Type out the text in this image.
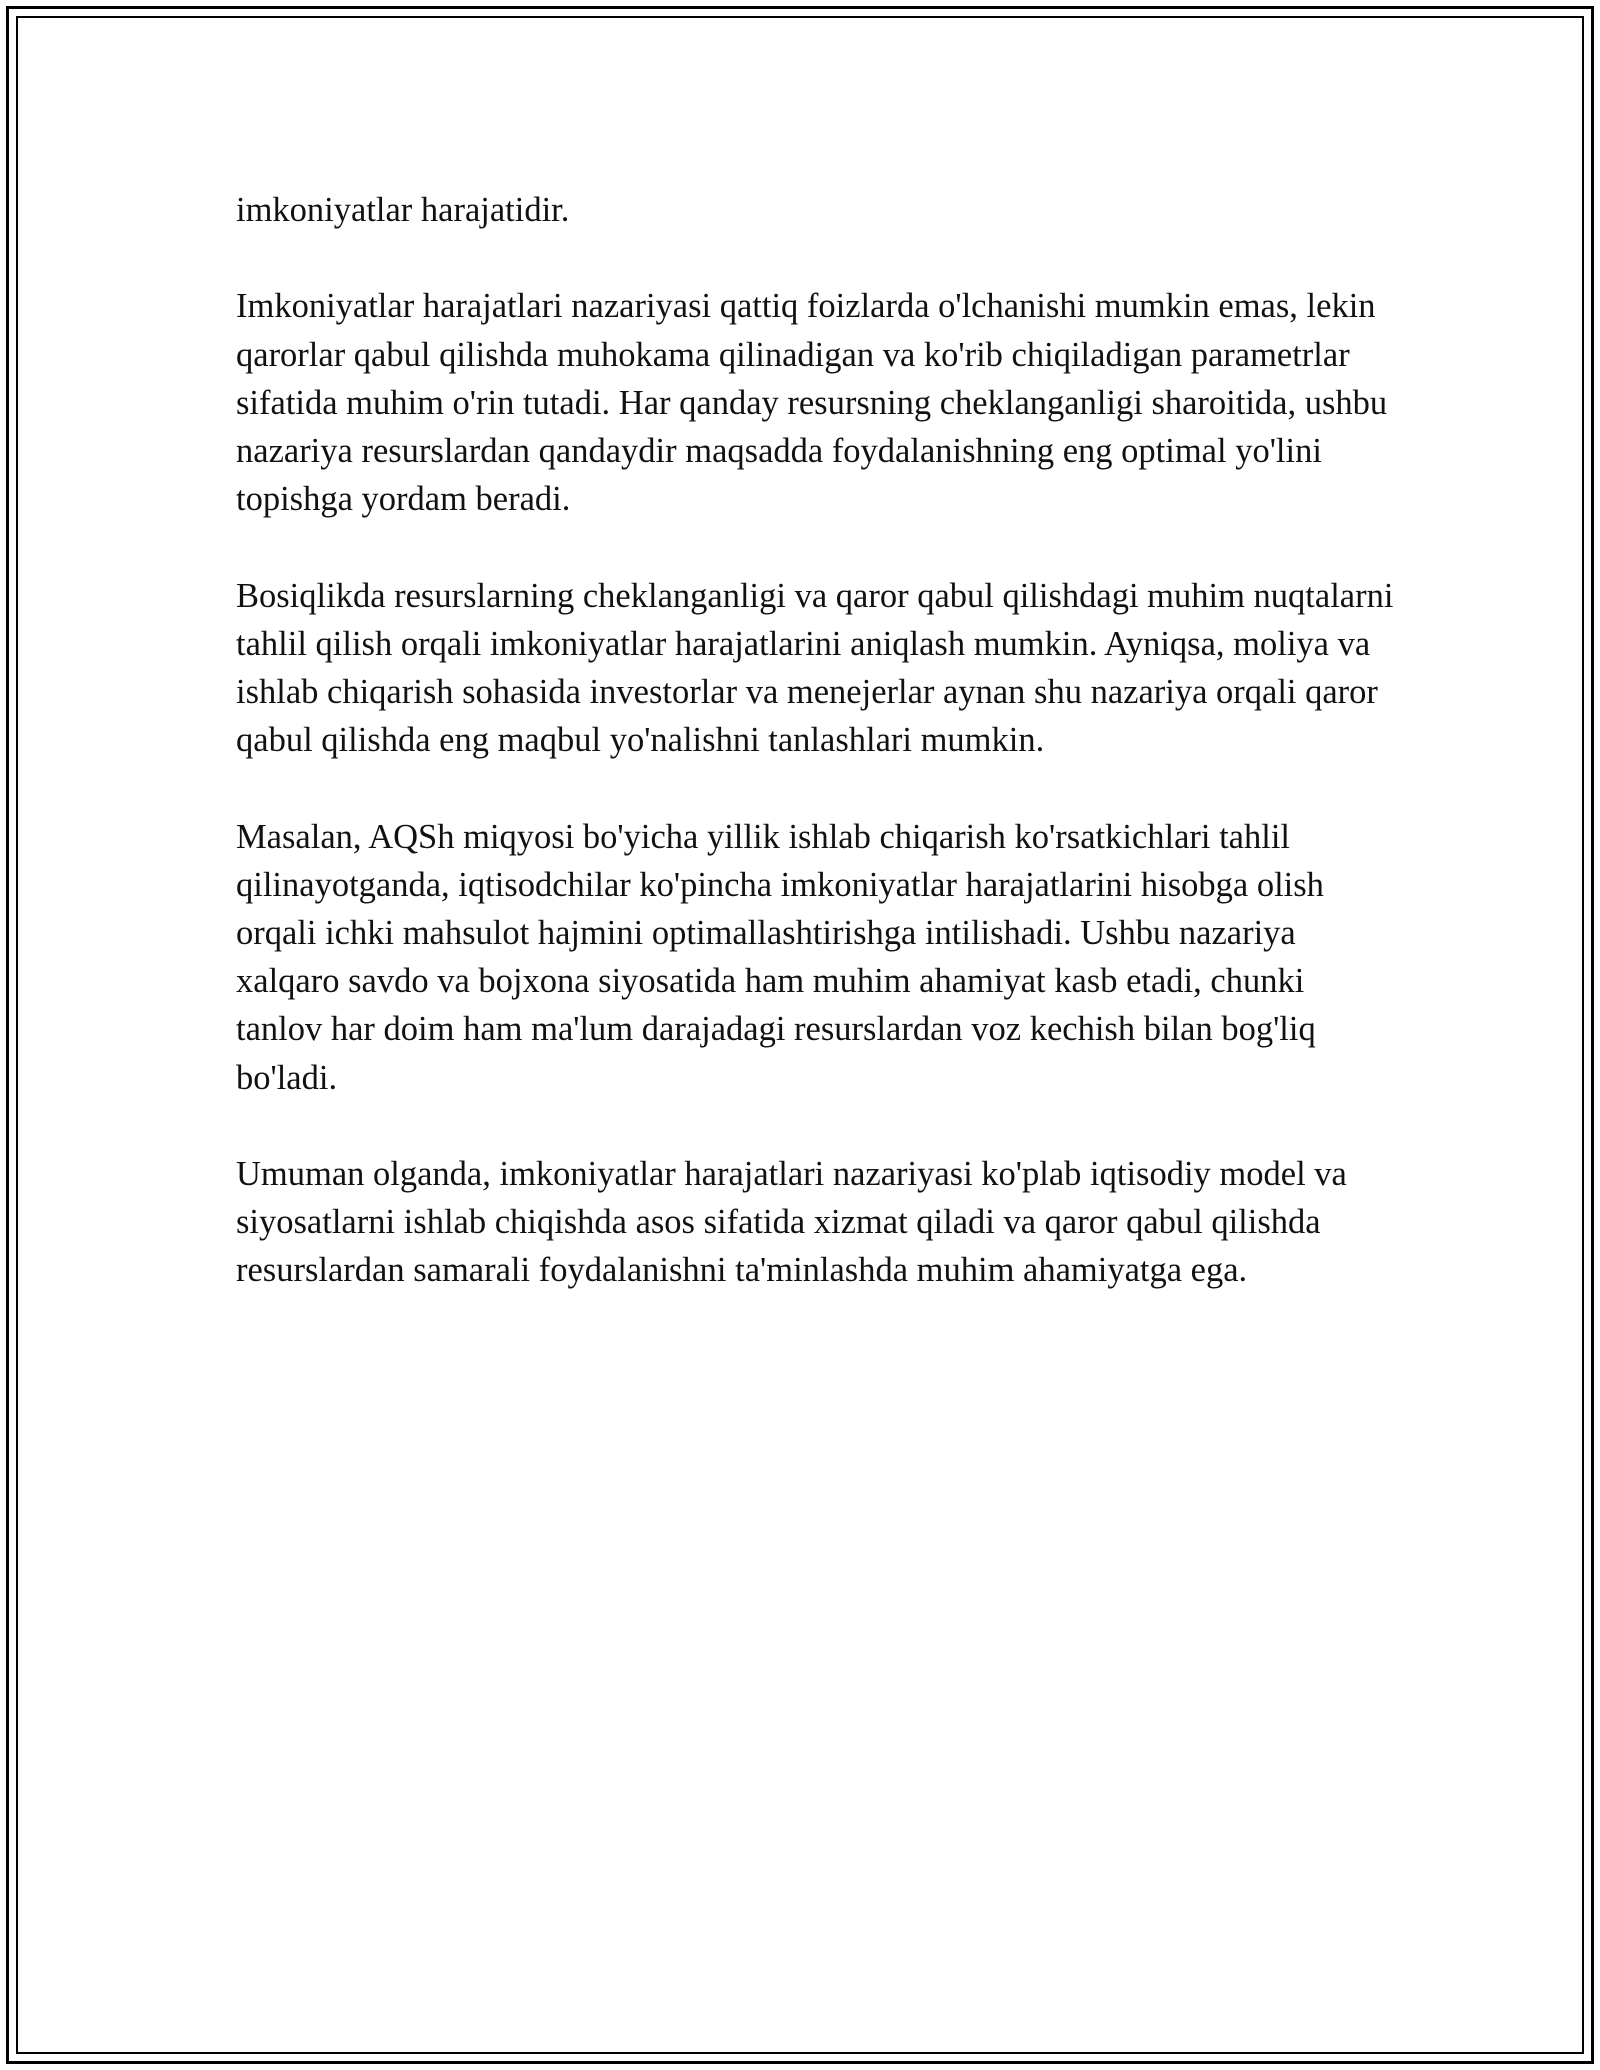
imkoniyatlar harajatidir.

Imkoniyatlar harajatlari nazariyasi qattiq foizlarda o'lchanishi mumkin emas, lekin qarorlar qabul qilishda muhokama qilinadigan va ko'rib chiqiladigan parametrlar sifatida muhim o'rin tutadi. Har qanday resursning cheklanganligi sharoitida, ushbu nazariya resurslardan qandaydir maqsadda foydalanishning eng optimal yo'lini topishga yordam beradi.

Bosiqlikda resurslarning cheklanganligi va qaror qabul qilishdagi muhim nuqtalarni tahlil qilish orqali imkoniyatlar harajatlarini aniqlash mumkin. Ayniqsa, moliya va ishlab chiqarish sohasida investorlar va menejerlar aynan shu nazariya orqali qaror qabul qilishda eng maqbul yo'nalishni tanlashlari mumkin.

Masalan, AQSh miqyosi bo'yicha yillik ishlab chiqarish ko'rsatkichlari tahlil qilinayotganda, iqtisodchilar ko'pincha imkoniyatlar harajatlarini hisobga olish orqali ichki mahsulot hajmini optimallashtirishga intilishadi. Ushbu nazariya xalqaro savdo va bojxona siyosatida ham muhim ahamiyat kasb etadi, chunki tanlov har doim ham ma'lum darajadagi resurslardan voz kechish bilan bog'liq bo'ladi.

Umuman olganda, imkoniyatlar harajatlari nazariyasi ko'plab iqtisodiy model va siyosatlarni ishlab chiqishda asos sifatida xizmat qiladi va qaror qabul qilishda resurslardan samarali foydalanishni ta'minlashda muhim ahamiyatga ega.
